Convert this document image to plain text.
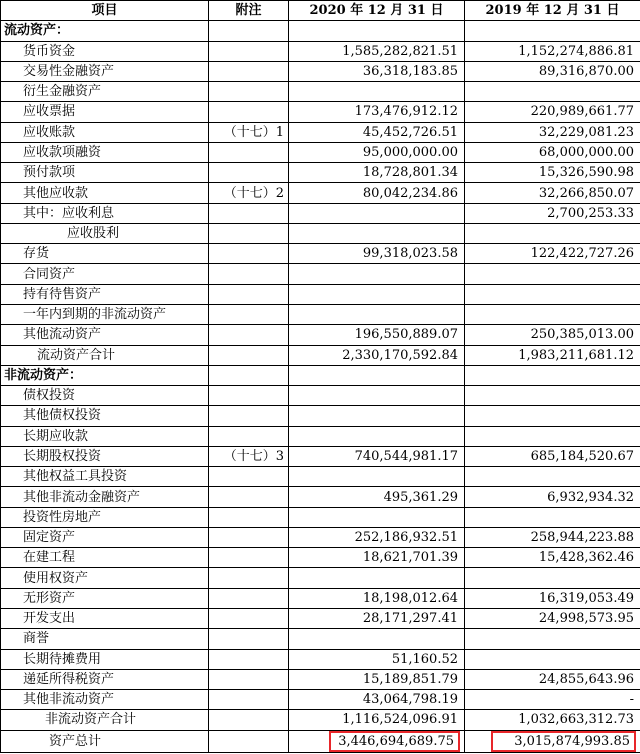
项目	附注	2020 年 12 月 31 日	2019 年 12 月 31 日
流动资产：			
货币资金		1,585,282,821.51	1,152,274,886.81
交易性金融资产		36,318,183.85	89,316,870.00
衍生金融资产			
应收票据		173,476,912.12	220,989,661.77
应收账款	（十七）1	45,452,726.51	32,229,081.23
应收款项融资		95,000,000.00	68,000,000.00
预付款项		18,728,801.34	15,326,590.98
其他应收款	（十七）2	80,042,234.86	32,266,850.07
其中：应收利息			2,700,253.33
应收股利			
存货		99,318,023.58	122,422,727.26
合同资产			
持有待售资产			
一年内到期的非流动资产			
其他流动资产		196,550,889.07	250,385,013.00
流动资产合计		2,330,170,592.84	1,983,211,681.12
非流动资产：			
债权投资			
其他债权投资			
长期应收款			
长期股权投资	（十七）3	740,544,981.17	685,184,520.67
其他权益工具投资			
其他非流动金融资产		495,361.29	6,932,934.32
投资性房地产			
固定资产		252,186,932.51	258,944,223.88
在建工程		18,621,701.39	15,428,362.46
使用权资产			
无形资产		18,198,012.64	16,319,053.49
开发支出		28,171,297.41	24,998,573.95
商誉			
长期待摊费用		51,160.52	
递延所得税资产		15,189,851.79	24,855,643.96
其他非流动资产		43,064,798.19	-
非流动资产合计		1,116,524,096.91	1,032,663,312.73
资产总计		3,446,694,689.75	3,015,874,993.85
